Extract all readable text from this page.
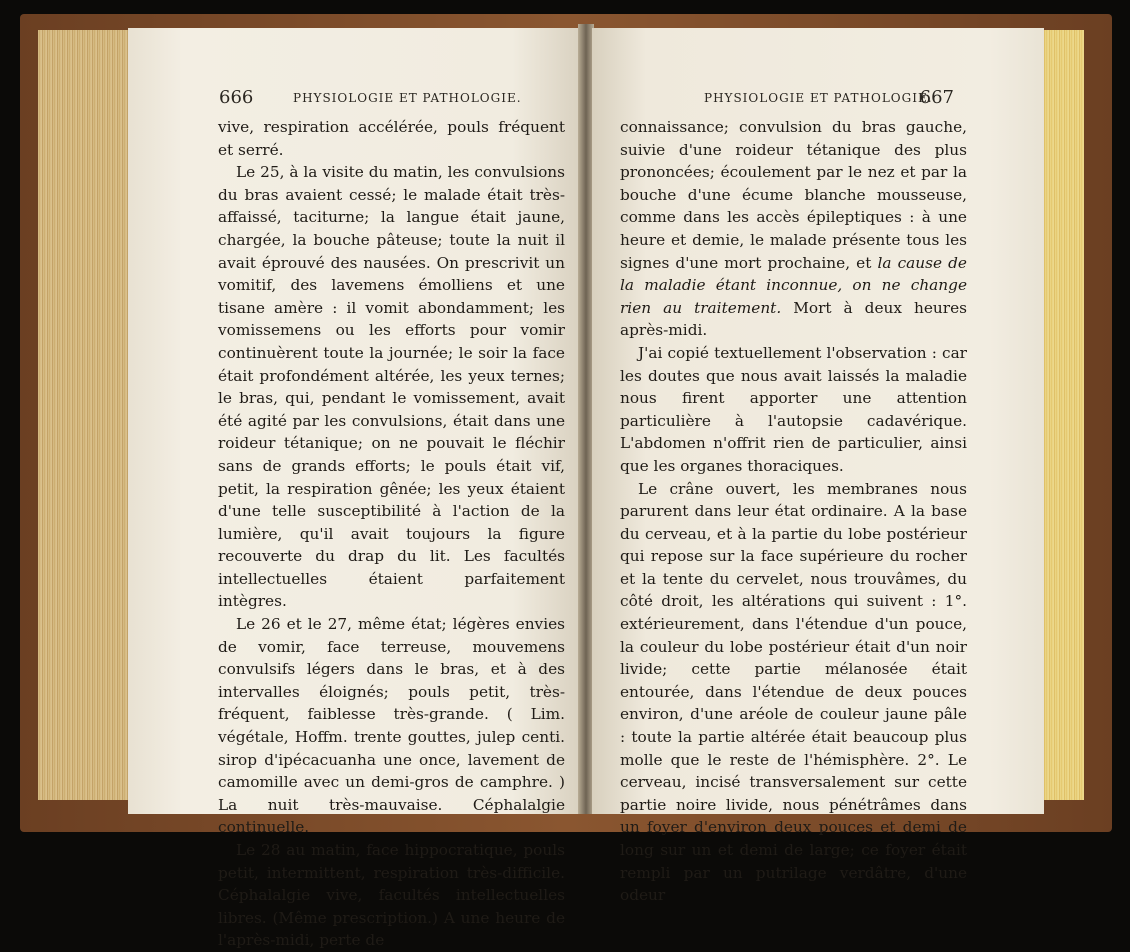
666	PHYSIOLOGIE ET PATHOLOGIE.

vive, respiration accélérée, pouls fréquent et serré.

Le 25, à la visite du matin, les convulsions du bras avaient cessé; le malade était très-affaissé, taciturne; la langue était jaune, chargée, la bouche pâteuse; toute la nuit il avait éprouvé des nausées. On prescrivit un vomitif, des lavemens émolliens et une tisane amère : il vomit abondamment; les vomissemens ou les efforts pour vomir continuèrent toute la journée; le soir la face était profondément altérée, les yeux ternes; le bras, qui, pendant le vomissement, avait été agité par les convulsions, était dans une roideur tétanique; on ne pouvait le fléchir sans de grands efforts; le pouls était vif, petit, la respiration gênée; les yeux étaient d'une telle susceptibilité à l'action de la lumière, qu'il avait toujours la figure recouverte du drap du lit. Les facultés intellectuelles étaient parfaitement intègres.

Le 26 et le 27, même état; légères envies de vomir, face terreuse, mouvemens convulsifs légers dans le bras, et à des intervalles éloignés; pouls petit, très-fréquent, faiblesse très-grande. ( Lim. végétale, Hoffm. trente gouttes, julep centi. sirop d'ipécacuanha une once, lavement de camomille avec un demi-gros de camphre. ) La nuit très-mauvaise. Céphalalgie continuelle.

Le 28 au matin, face hippocratique, pouls petit, intermittent, respiration très-difficile. Céphalalgie vive, facultés intellectuelles libres. (Même prescription.) A une heure de l'après-midi, perte de

PHYSIOLOGIE ET PATHOLOGIE.
667

connaissance; convulsion du bras gauche, suivie d'une roideur tétanique des plus prononcées; écoulement par le nez et par la bouche d'une écume blanche mousseuse, comme dans les accès épileptiques : à une heure et demie, le malade présente tous les signes d'une mort prochaine, et la cause de la maladie étant inconnue, on ne change rien au traitement. Mort à deux heures après-midi.

J'ai copié textuellement l'observation : car les doutes que nous avait laissés la maladie nous firent apporter une attention particulière à l'autopsie cadavérique. L'abdomen n'offrit rien de particulier, ainsi que les organes thoraciques.

Le crâne ouvert, les membranes nous parurent dans leur état ordinaire. A la base du cerveau, et à la partie du lobe postérieur qui repose sur la face supérieure du rocher et la tente du cervelet, nous trouvâmes, du côté droit, les altérations qui suivent : 1°. extérieurement, dans l'étendue d'un pouce, la couleur du lobe postérieur était d'un noir livide; cette partie mélanosée était entourée, dans l'étendue de deux pouces environ, d'une aréole de couleur jaune pâle : toute la partie altérée était beaucoup plus molle que le reste de l'hémisphère. 2°. Le cerveau, incisé transversalement sur cette partie noire livide, nous pénétrâmes dans un foyer d'environ deux pouces et demi de long sur un et demi de large; ce foyer était rempli par un putrilage verdâtre, d'une odeur
